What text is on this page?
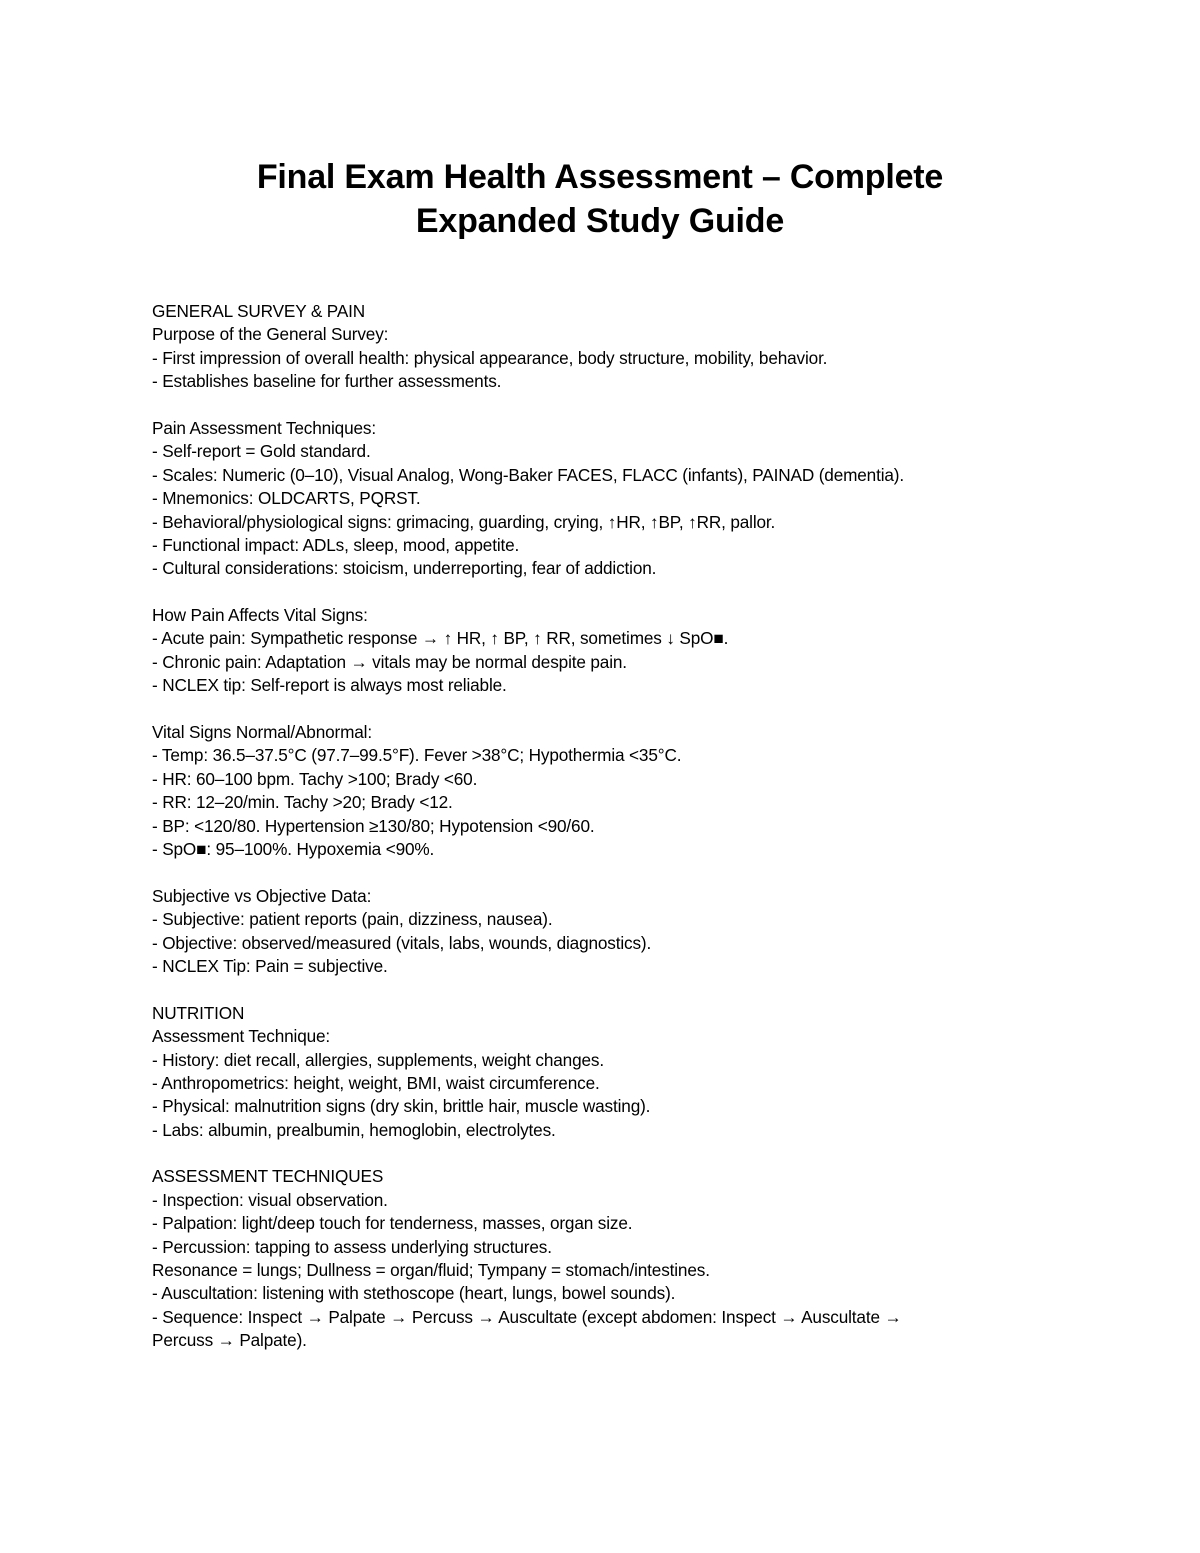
Final Exam Health Assessment – Complete
Expanded Study Guide
GENERAL SURVEY & PAIN
Purpose of the General Survey:
- First impression of overall health: physical appearance, body structure, mobility, behavior.
- Establishes baseline for further assessments.
Pain Assessment Techniques:
- Self-report = Gold standard.
- Scales: Numeric (0–10), Visual Analog, Wong-Baker FACES, FLACC (infants), PAINAD (dementia).
- Mnemonics: OLDCARTS, PQRST.
- Behavioral/physiological signs: grimacing, guarding, crying, ↑HR, ↑BP, ↑RR, pallor.
- Functional impact: ADLs, sleep, mood, appetite.
- Cultural considerations: stoicism, underreporting, fear of addiction.
How Pain Affects Vital Signs:
- Acute pain: Sympathetic response → ↑ HR, ↑ BP, ↑ RR, sometimes ↓ SpO■.
- Chronic pain: Adaptation → vitals may be normal despite pain.
- NCLEX tip: Self-report is always most reliable.
Vital Signs Normal/Abnormal:
- Temp: 36.5–37.5°C (97.7–99.5°F). Fever >38°C; Hypothermia <35°C.
- HR: 60–100 bpm. Tachy >100; Brady <60.
- RR: 12–20/min. Tachy >20; Brady <12.
- BP: <120/80. Hypertension ≥130/80; Hypotension <90/60.
- SpO■: 95–100%. Hypoxemia <90%.
Subjective vs Objective Data:
- Subjective: patient reports (pain, dizziness, nausea).
- Objective: observed/measured (vitals, labs, wounds, diagnostics).
- NCLEX Tip: Pain = subjective.
NUTRITION
Assessment Technique:
- History: diet recall, allergies, supplements, weight changes.
- Anthropometrics: height, weight, BMI, waist circumference.
- Physical: malnutrition signs (dry skin, brittle hair, muscle wasting).
- Labs: albumin, prealbumin, hemoglobin, electrolytes.
ASSESSMENT TECHNIQUES
- Inspection: visual observation.
- Palpation: light/deep touch for tenderness, masses, organ size.
- Percussion: tapping to assess underlying structures.
Resonance = lungs; Dullness = organ/fluid; Tympany = stomach/intestines.
- Auscultation: listening with stethoscope (heart, lungs, bowel sounds).
- Sequence: Inspect → Palpate → Percuss → Auscultate (except abdomen: Inspect → Auscultate →
Percuss → Palpate).
